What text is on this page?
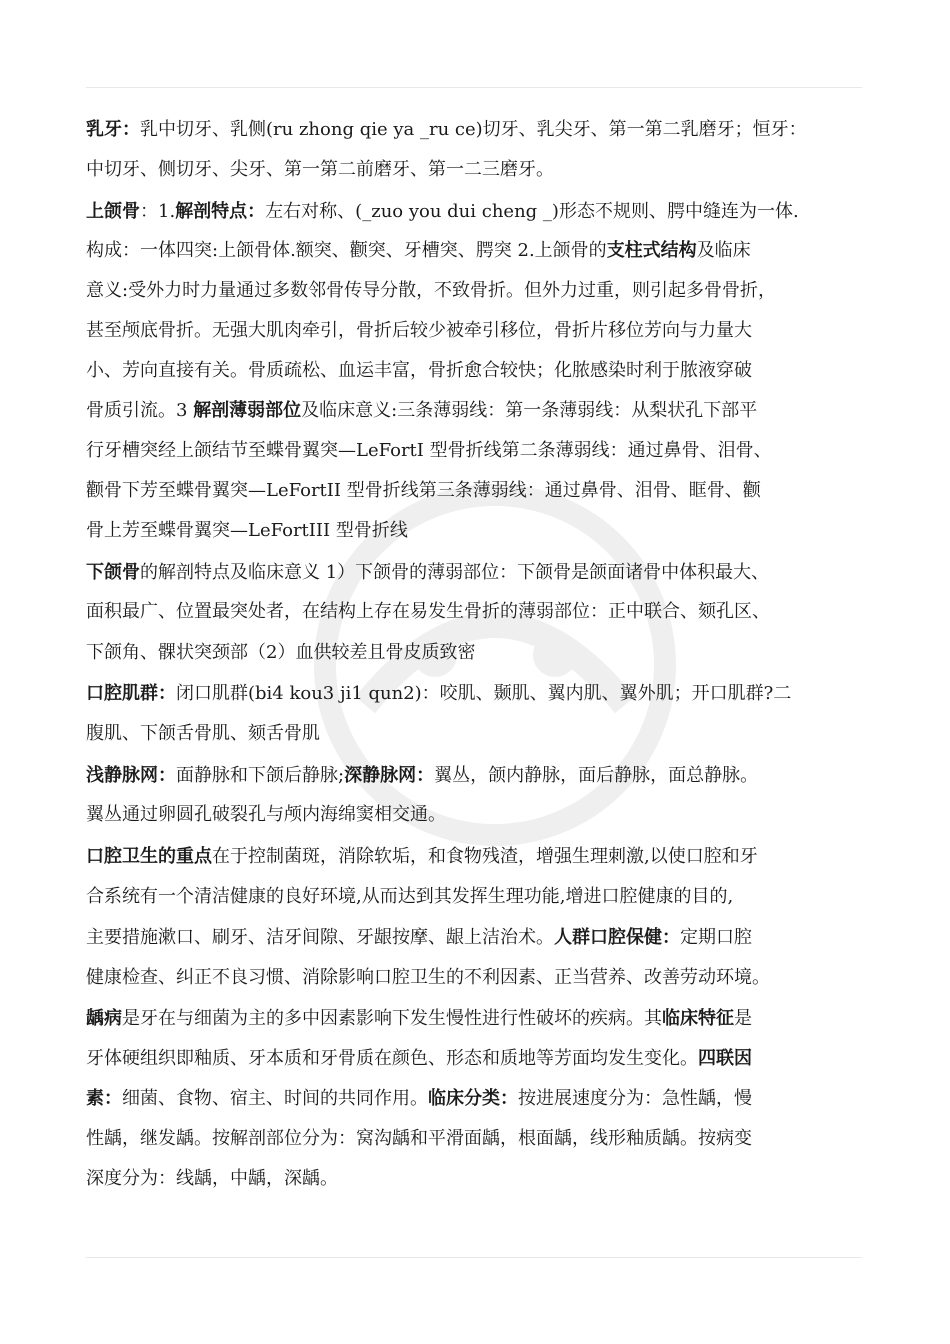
乳牙：乳中切牙、乳侧(ru zhong qie ya _ru ce)切牙、乳尖牙、第一第二乳磨牙；恒牙：
中切牙、侧切牙、尖牙、第一第二前磨牙、第一二三磨牙。
上颌骨：1.解剖特点：左右对称、(_zuo you dui cheng _)形态不规则、腭中缝连为一体.
构成：一体四突:上颌骨体.额突、颧突、牙槽突、腭突 2.上颌骨的支柱式结构及临床
意义:受外力时力量通过多数邻骨传导分散，不致骨折。但外力过重，则引起多骨骨折，
甚至颅底骨折。无强大肌肉牵引，骨折后较少被牵引移位，骨折片移位芳向与力量大
小、芳向直接有关。骨质疏松、血运丰富，骨折愈合较快；化脓感染时利于脓液穿破
骨质引流。3 解剖薄弱部位及临床意义:三条薄弱线：第一条薄弱线：从梨状孔下部平
行牙槽突经上颌结节至蝶骨翼突—LeFortI 型骨折线第二条薄弱线：通过鼻骨、泪骨、
颧骨下芳至蝶骨翼突—LeFortII 型骨折线第三条薄弱线：通过鼻骨、泪骨、眶骨、颧
骨上芳至蝶骨翼突—LeFortIII 型骨折线
下颌骨的解剖特点及临床意义 1）下颌骨的薄弱部位：下颌骨是颌面诸骨中体积最大、
面积最广、位置最突处者，在结构上存在易发生骨折的薄弱部位：正中联合、颏孔区、
下颌角、髁状突颈部（2）血供较差且骨皮质致密
口腔肌群：闭口肌群(bi4 kou3 ji1 qun2)：咬肌、颞肌、翼内肌、翼外肌；开口肌群?二
腹肌、下颌舌骨肌、颏舌骨肌
浅静脉网：面静脉和下颌后静脉;深静脉网：翼丛，颌内静脉，面后静脉，面总静脉。
翼丛通过卵圆孔破裂孔与颅内海绵窦相交通。
口腔卫生的重点在于控制菌斑，消除软垢，和食物残渣，增强生理刺激,以使口腔和牙
合系统有一个清洁健康的良好环境,从而达到其发挥生理功能,增进口腔健康的目的,
主要措施漱口、刷牙、洁牙间隙、牙龈按摩、龈上洁治术。人群口腔保健：定期口腔
健康检查、纠正不良习惯、消除影响口腔卫生的不利因素、正当营养、改善劳动环境。
龋病是牙在与细菌为主的多中因素影响下发生慢性进行性破坏的疾病。其临床特征是
牙体硬组织即釉质、牙本质和牙骨质在颜色、形态和质地等芳面均发生变化。四联因
素：细菌、食物、宿主、时间的共同作用。临床分类：按进展速度分为：急性龋，慢
性龋，继发龋。按解剖部位分为：窝沟龋和平滑面龋，根面龋，线形釉质龋。按病变
深度分为：线龋，中龋，深龋。
